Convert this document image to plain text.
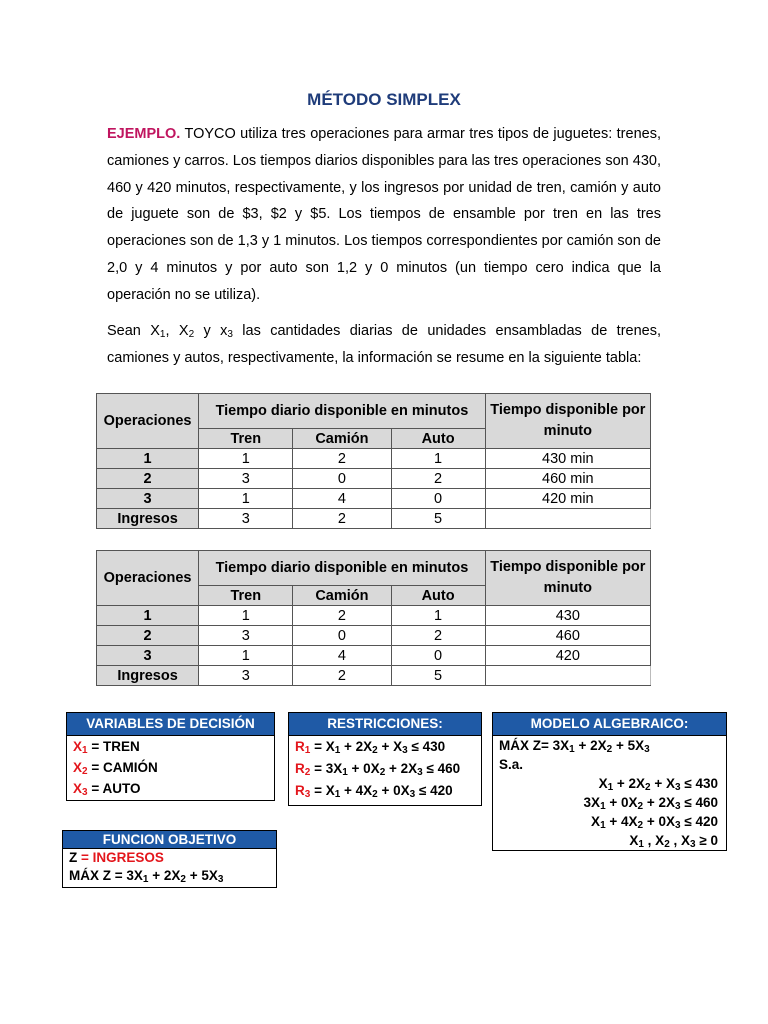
MÉTODO SIMPLEX
EJEMPLO. TOYCO utiliza tres operaciones para armar tres tipos de juguetes: trenes, camiones y carros. Los tiempos diarios disponibles para las tres operaciones son 430, 460 y 420 minutos, respectivamente, y los ingresos por unidad de tren, camión y auto de juguete son de $3, $2 y $5. Los tiempos de ensamble por tren en las tres operaciones son de 1,3 y 1 minutos. Los tiempos correspondientes por camión son de 2,0 y 4 minutos y por auto son 1,2 y 0 minutos (un tiempo cero indica que la operación no se utiliza).
Sean $X_1$, $X_2$ y $x_3$ las cantidades diarias de unidades ensambladas de trenes, camiones y autos, respectivamente, la información se resume en la siguiente tabla:
Operaciones	Tiempo diario disponible en minutos			Tiempo disponible por minuto
	Tren	Camión	Auto	
1	1	2	1	430 min
2	3	0	2	460 min
3	1	4	0	420 min
Ingresos	3	2	5	
Operaciones	Tiempo diario disponible en minutos			Tiempo disponible por minuto
	Tren	Camión	Auto	
1	1	2	1	430
2	3	0	2	460
3	1	4	0	420
Ingresos	3	2	5	
VARIABLES DE DECISIÓN
$X_1$ = TREN
$X_2$ = CAMIÓN
$X_3$ = AUTO
RESTRICCIONES:
$R_1 = X_1 + 2X_2 + X_3 \le 430$
$R_2 = 3X_1 + 0X_2 + 2X_3 \le 460$
$R_3 = X_1 + 4X_2 + 0X_3 \le 420$
MODELO ALGEBRAICO:
MÁX $Z= 3X_1 + 2X_2 + 5X_3$
S.a.
$X_1 + 2X_2 + X_3 \le 430$
$3X_1 + 0X_2 + 2X_3 \le 460$
$X_1 + 4X_2 + 0X_3 \le 420$
$X_1$ , $X_2$ , $X_3 \ge 0$
FUNCION OBJETIVO
Z = INGRESOS
MÁX $Z = 3X_1 + 2X_2 + 5X_3$
